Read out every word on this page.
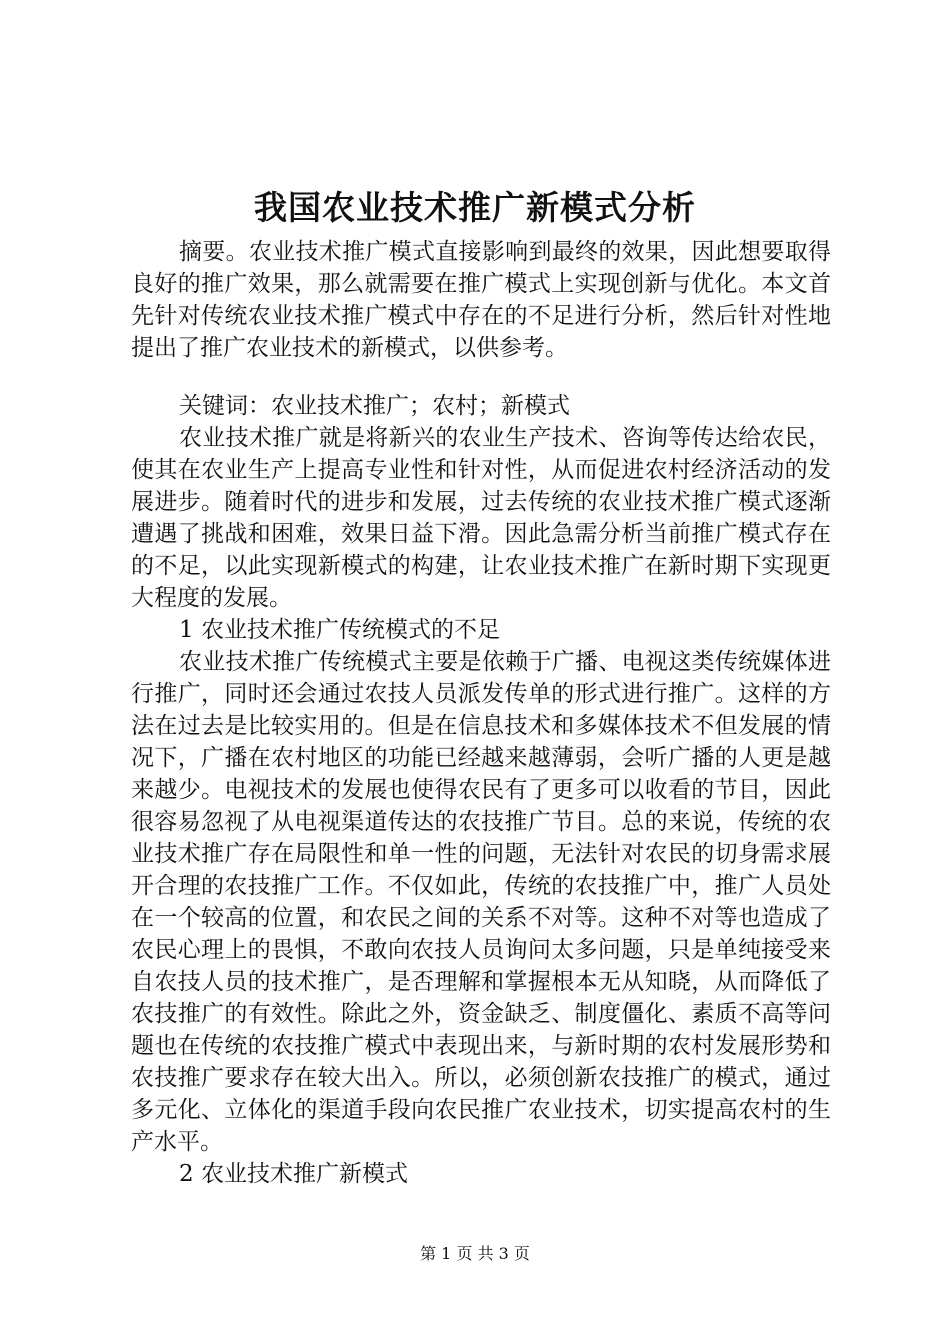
我国农业技术推广新模式分析

摘要。农业技术推广模式直接影响到最终的效果，因此想要取得良好的推广效果，那么就需要在推广模式上实现创新与优化。本文首先针对传统农业技术推广模式中存在的不足进行分析，然后针对性地提出了推广农业技术的新模式，以供参考。

关键词：农业技术推广；农村；新模式

农业技术推广就是将新兴的农业生产技术、咨询等传达给农民，使其在农业生产上提高专业性和针对性，从而促进农村经济活动的发展进步。随着时代的进步和发展，过去传统的农业技术推广模式逐渐遭遇了挑战和困难，效果日益下滑。因此急需分析当前推广模式存在的不足，以此实现新模式的构建，让农业技术推广在新时期下实现更大程度的发展。

1 农业技术推广传统模式的不足

农业技术推广传统模式主要是依赖于广播、电视这类传统媒体进行推广，同时还会通过农技人员派发传单的形式进行推广。这样的方法在过去是比较实用的。但是在信息技术和多媒体技术不但发展的情况下，广播在农村地区的功能已经越来越薄弱，会听广播的人更是越来越少。电视技术的发展也使得农民有了更多可以收看的节目，因此很容易忽视了从电视渠道传达的农技推广节目。总的来说，传统的农业技术推广存在局限性和单一性的问题，无法针对农民的切身需求展开合理的农技推广工作。不仅如此，传统的农技推广中，推广人员处在一个较高的位置，和农民之间的关系不对等。这种不对等也造成了农民心理上的畏惧，不敢向农技人员询问太多问题，只是单纯接受来自农技人员的技术推广，是否理解和掌握根本无从知晓，从而降低了农技推广的有效性。除此之外，资金缺乏、制度僵化、素质不高等问题也在传统的农技推广模式中表现出来，与新时期的农村发展形势和农技推广要求存在较大出入。所以，必须创新农技推广的模式，通过多元化、立体化的渠道手段向农民推广农业技术，切实提高农村的生产水平。

2 农业技术推广新模式

第 1 页 共 3 页
